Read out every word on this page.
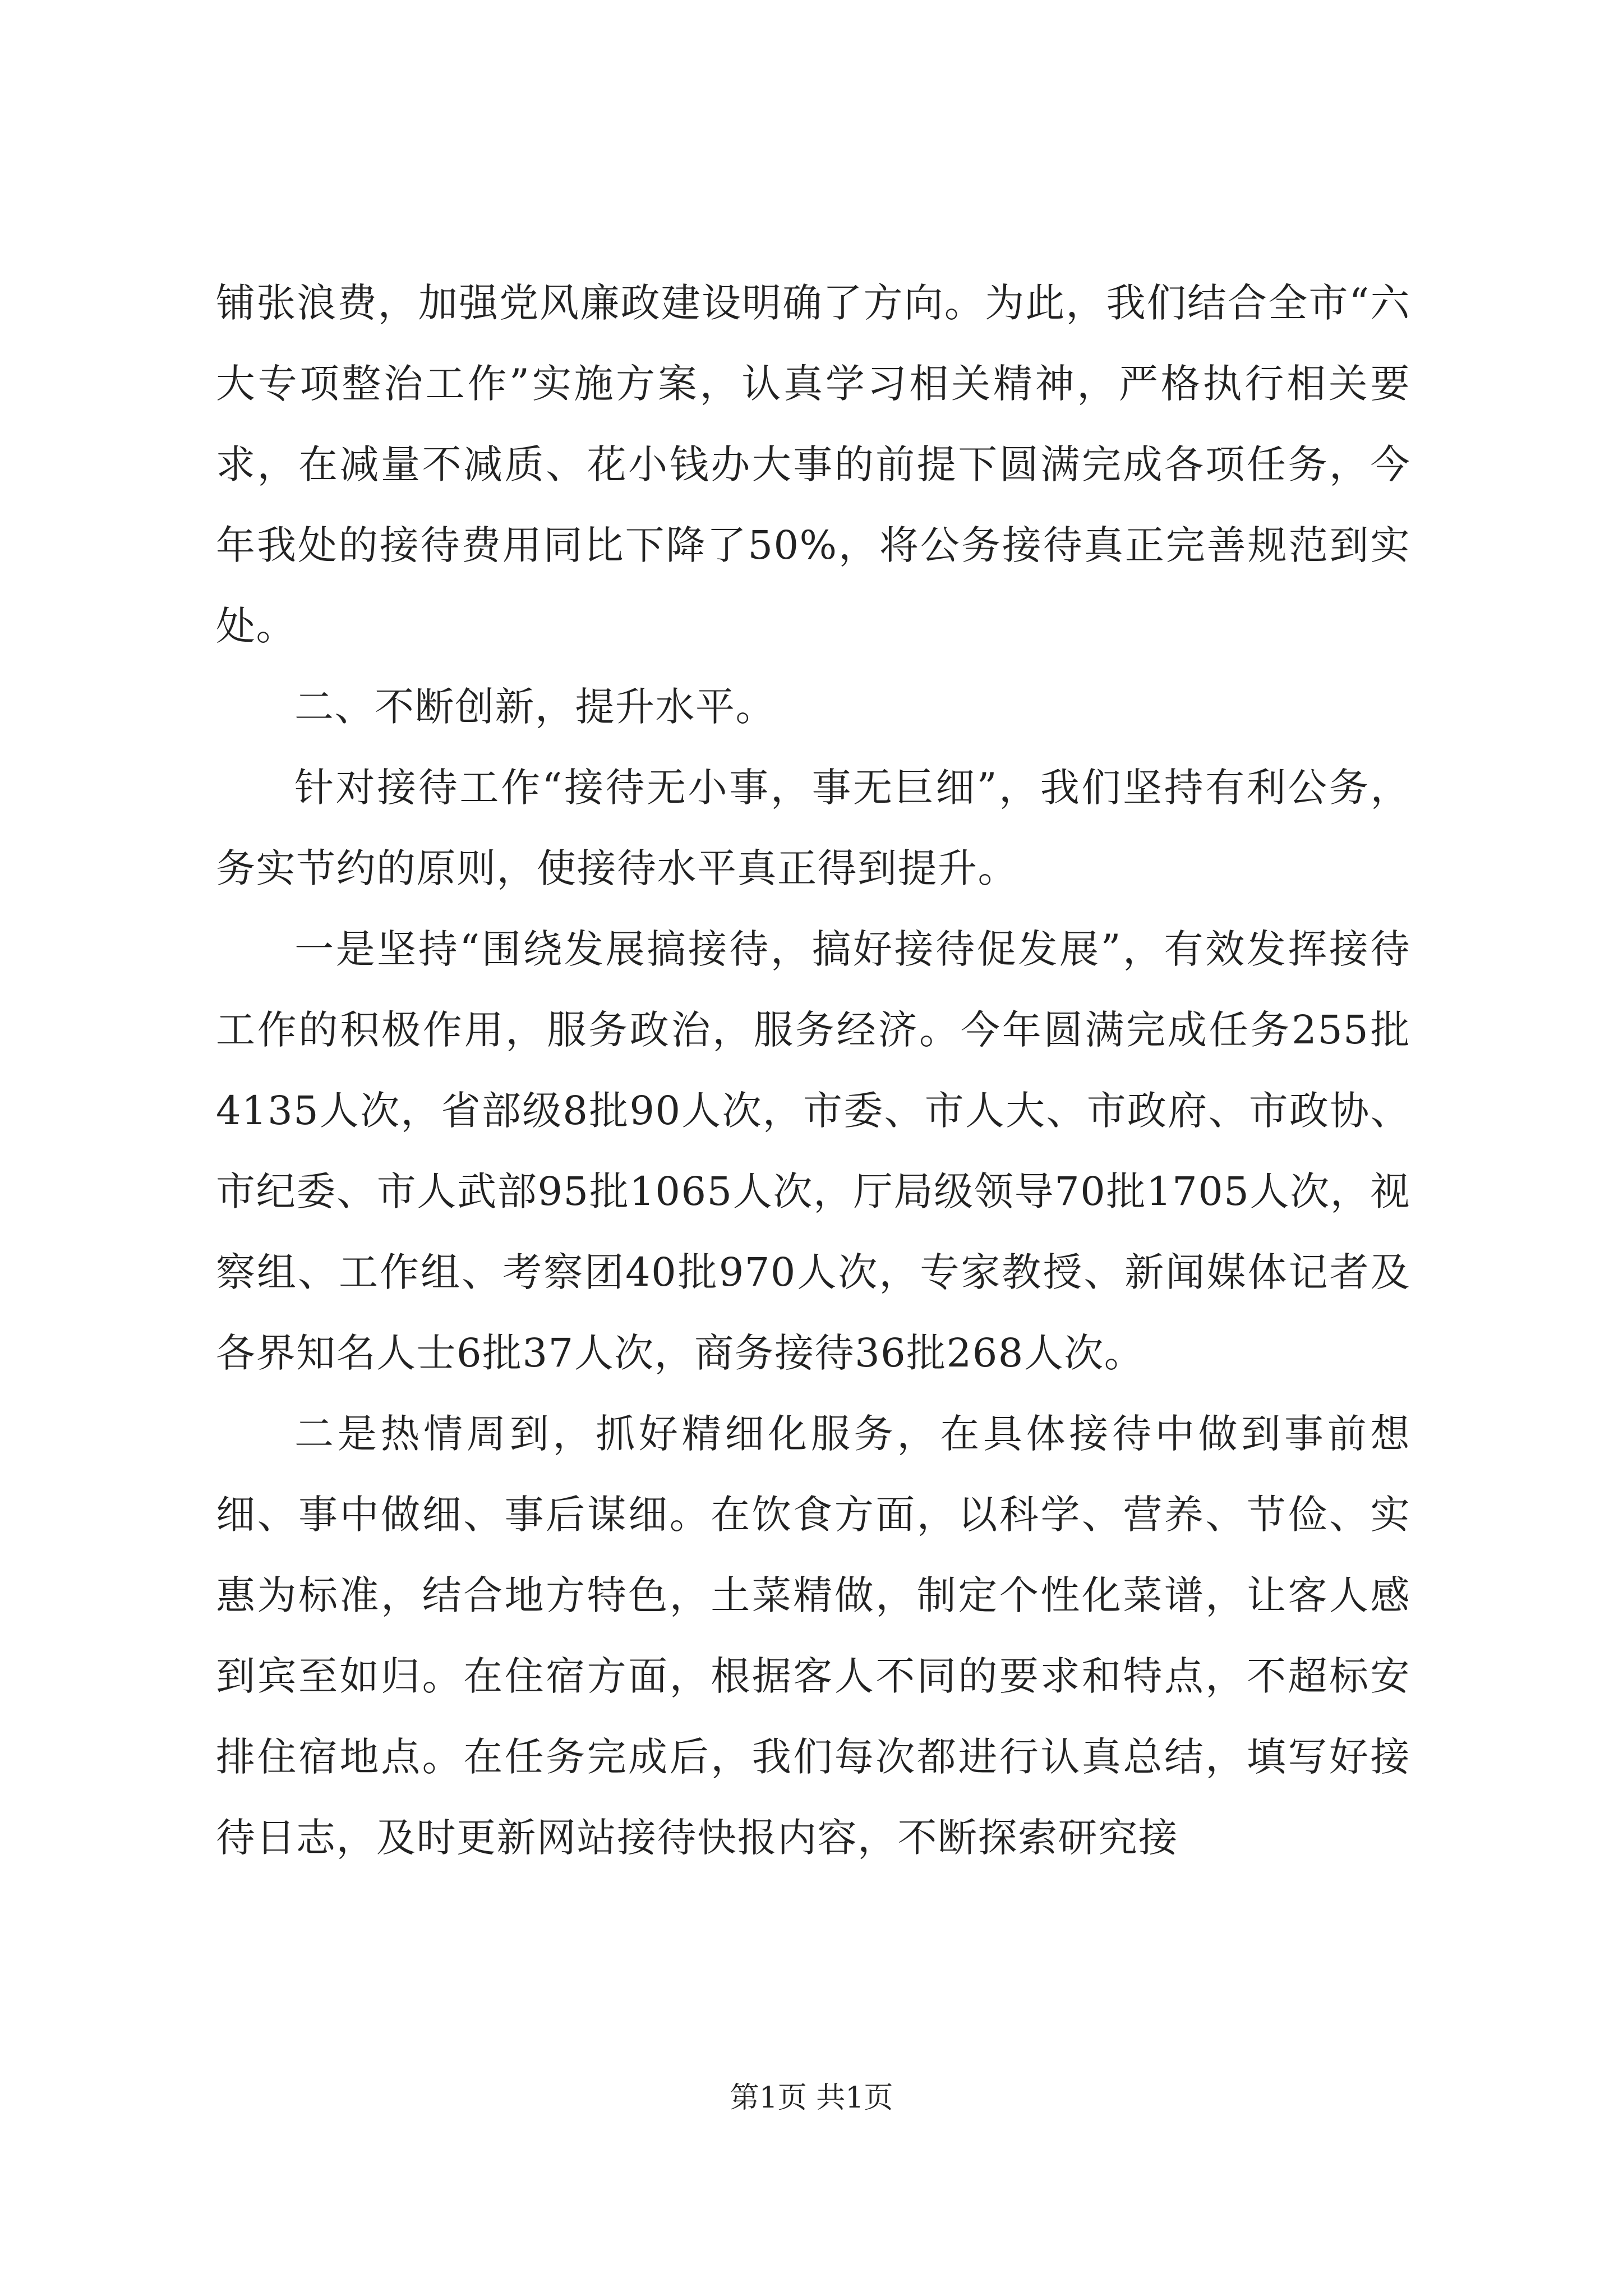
铺张浪费，加强党风廉政建设明确了方向。为此，我们结合全市“六大专项整治工作”实施方案，认真学习相关精神，严格执行相关要求，在减量不减质、花小钱办大事的前提下圆满完成各项任务，今年我处的接待费用同比下降了50%，将公务接待真正完善规范到实处。

二、不断创新，提升水平。

针对接待工作“接待无小事，事无巨细”，我们坚持有利公务，务实节约的原则，使接待水平真正得到提升。

一是坚持“围绕发展搞接待，搞好接待促发展”，有效发挥接待工作的积极作用，服务政治，服务经济。今年圆满完成任务255批4135人次，省部级8批90人次，市委、市人大、市政府、市政协、市纪委、市人武部95批1065人次，厅局级领导70批1705人次，视察组、工作组、考察团40批970人次，专家教授、新闻媒体记者及各界知名人士6批37人次，商务接待36批268人次。

二是热情周到，抓好精细化服务，在具体接待中做到事前想细、事中做细、事后谋细。在饮食方面，以科学、营养、节俭、实惠为标准，结合地方特色，土菜精做，制定个性化菜谱，让客人感到宾至如归。在住宿方面，根据客人不同的要求和特点，不超标安排住宿地点。在任务完成后，我们每次都进行认真总结，填写好接待日志，及时更新网站接待快报内容，不断探索研究接

第1页 共1页
